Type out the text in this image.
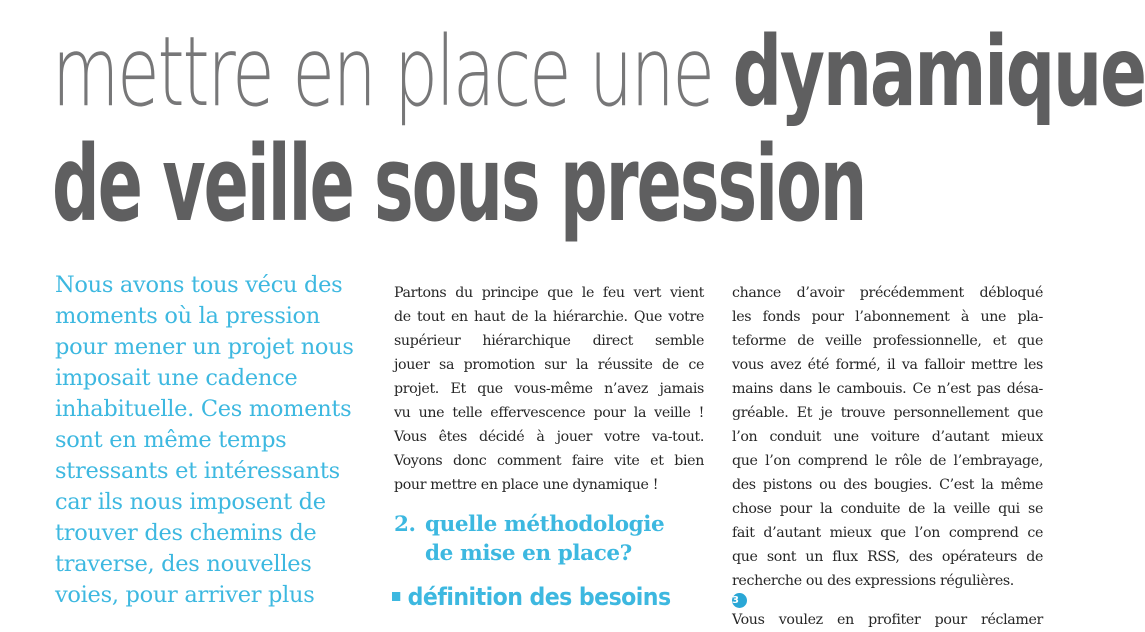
mettre en place une dynamique
de veille sous pression

Nous avons tous vécu des
moments où la pression
pour mener un projet nous
imposait une cadence
inhabituelle. Ces moments
sont en même temps
stressants et intéressants
car ils nous imposent de
trouver des chemins de
traverse, des nouvelles
voies, pour arriver plus

Partons du principe que le feu vert vient
de tout en haut de la hiérarchie. Que votre
supérieur hiérarchique direct semble
jouer sa promotion sur la réussite de ce
projet. Et que vous-même n’avez jamais
vu une telle effervescence pour la veille !
Vous êtes décidé à jouer votre va-tout.
Voyons donc comment faire vite et bien
pour mettre en place une dynamique !

2. quelle méthodologie
de mise en place?
définition des besoins

chance d’avoir précédemment débloqué
les fonds pour l’abonnement à une pla-
teforme de veille professionnelle, et que
vous avez été formé, il va falloir mettre les
mains dans le cambouis. Ce n’est pas désa-
gréable. Et je trouve personnellement que
l’on conduit une voiture d’autant mieux
que l’on comprend le rôle de l’embrayage,
des pistons ou des bougies. C’est la même
chose pour la conduite de la veille qui se
fait d’autant mieux que l’on comprend ce
que sont un flux RSS, des opérateurs de
recherche ou des expressions régulières.
3
Vous voulez en profiter pour réclamer
